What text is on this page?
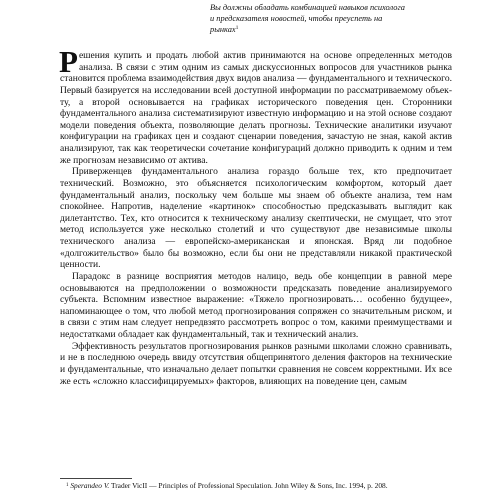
Вы должны обладать комбинацией навыков психолога и предсказателя новостей, чтобы преуспеть на рынках$^1$

Решения купить и продать любой актив принимаются на основе определенных методов анализа. В связи с этим одним из самых дискуссионных вопросов для участников рынка становится проблема взаимодействия двух видов анализа — фундаментального и технического. Первый базируется на исследовании всей доступной информации по рассматриваемому объекту, а второй основывается на графиках исторического поведения цен. Сторонники фундаментального анализа систематизируют известную информацию и на этой основе создают модели поведения объекта, позволяющие делать прогнозы. Технические аналитики изучают конфигурации на графиках цен и создают сценарии поведения, зачастую не зная, какой актив анализируют, так как теоретически сочетание конфигураций должно приводить к одним и тем же прогнозам независимо от актива.

Приверженцев фундаментального анализа гораздо больше тех, кто предпочитает технический. Возможно, это объясняется психологическим комфортом, который дает фундаментальный анализ, поскольку чем больше мы знаем об объекте анализа, тем нам спокойнее. Напротив, наделение «картинок» способностью предсказывать выглядит как дилетантство. Тех, кто относится к техническому анализу скептически, не смущает, что этот метод используется уже несколько столетий и что существуют две независимые школы технического анализа — европейско-американская и японская. Вряд ли подобное «долгожительство» было бы возможно, если бы они не представляли никакой практической ценности.

Парадокс в разнице восприятия методов налицо, ведь обе концепции в равной мере основываются на предположении о возможности предсказать поведение анализируемого субъекта. Вспомним известное выражение: «Тяжело прогнозировать… особенно будущее», напоминающее о том, что любой метод прогнозирования сопряжен со значительным риском, и в связи с этим нам следует непредвзято рассмотреть вопрос о том, какими преимуществами и недостатками обладает как фундаментальный, так и технический анализ.

Эффективность результатов прогнозирования рынков разными школами сложно сравнивать, и не в последнюю очередь ввиду отсутствия общепринятого деления факторов на технические и фундаментальные, что изначально делает попытки сравнения не совсем корректными. Их все же есть «сложно классифицируемых» факторов, влияющих на поведение цен, самым

$^1$ Sperandeo V. Trader VicII — Principles of Professional Speculation. John Wiley & Sons, Inc. 1994, p. 208.
